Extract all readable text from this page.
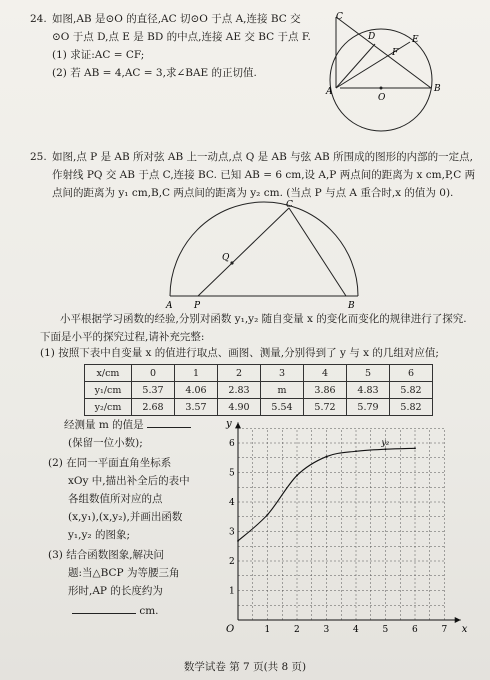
24. 如图,AB 是⊙O 的直径,AC 切⊙O 于点 A,连接 BC 交
⊙O 于点 D,点 E 是 BD 的中点,连接 AE 交 BC 于点 F.
(1) 求证:AC = CF;
(2) 若 AB = 4,AC = 3,求∠BAE 的正切值.
C
D	E
F
A
O
B
25. 如图,点 P 是 AB 所对弦 AB 上一动点,点 Q 是 AB 与弦 AB 所围成的图形的内部的一定点,
作射线 PQ 交 AB 于点 C,连接 BC. 已知 AB = 6 cm,设 A,P 两点间的距离为 x cm,P,C 两
点间的距离为 y₁ cm,B,C 两点间的距离为 y₂ cm. (当点 P 与点 A 重合时,x 的值为 0).
C
Q
A P	B
小平根据学习函数的经验,分别对函数 y₁,y₂ 随自变量 x 的变化而变化的规律进行了探究.
下面是小平的探究过程,请补充完整:
(1) 按照下表中自变量 x 的值进行取点、画图、测量,分别得到了 y 与 x 的几组对应值;
x/cm	0	1	2	3	4	5	6
y₁/cm	5.37	4.06	2.83	m	3.86	4.83	5.82
y₂/cm	2.68	3.57	4.90	5.54	5.72	5.79	5.82
经测量 m 的值是
(保留一位小数);
(2) 在同一平面直角坐标系
xOy 中,描出补全后的表中
各组数值所对应的点
(x,y₁),(x,y₂),并画出函数
y₁,y₂ 的图象;
(3) 结合函数图象,解决问
题:当△BCP 为等腰三角
形时,AP 的长度约为
cm.
x
y
O	1	2	3	4	5	6	7
1
2
3
4
5
6	y₂
数学试卷 第 7 页(共 8 页)
